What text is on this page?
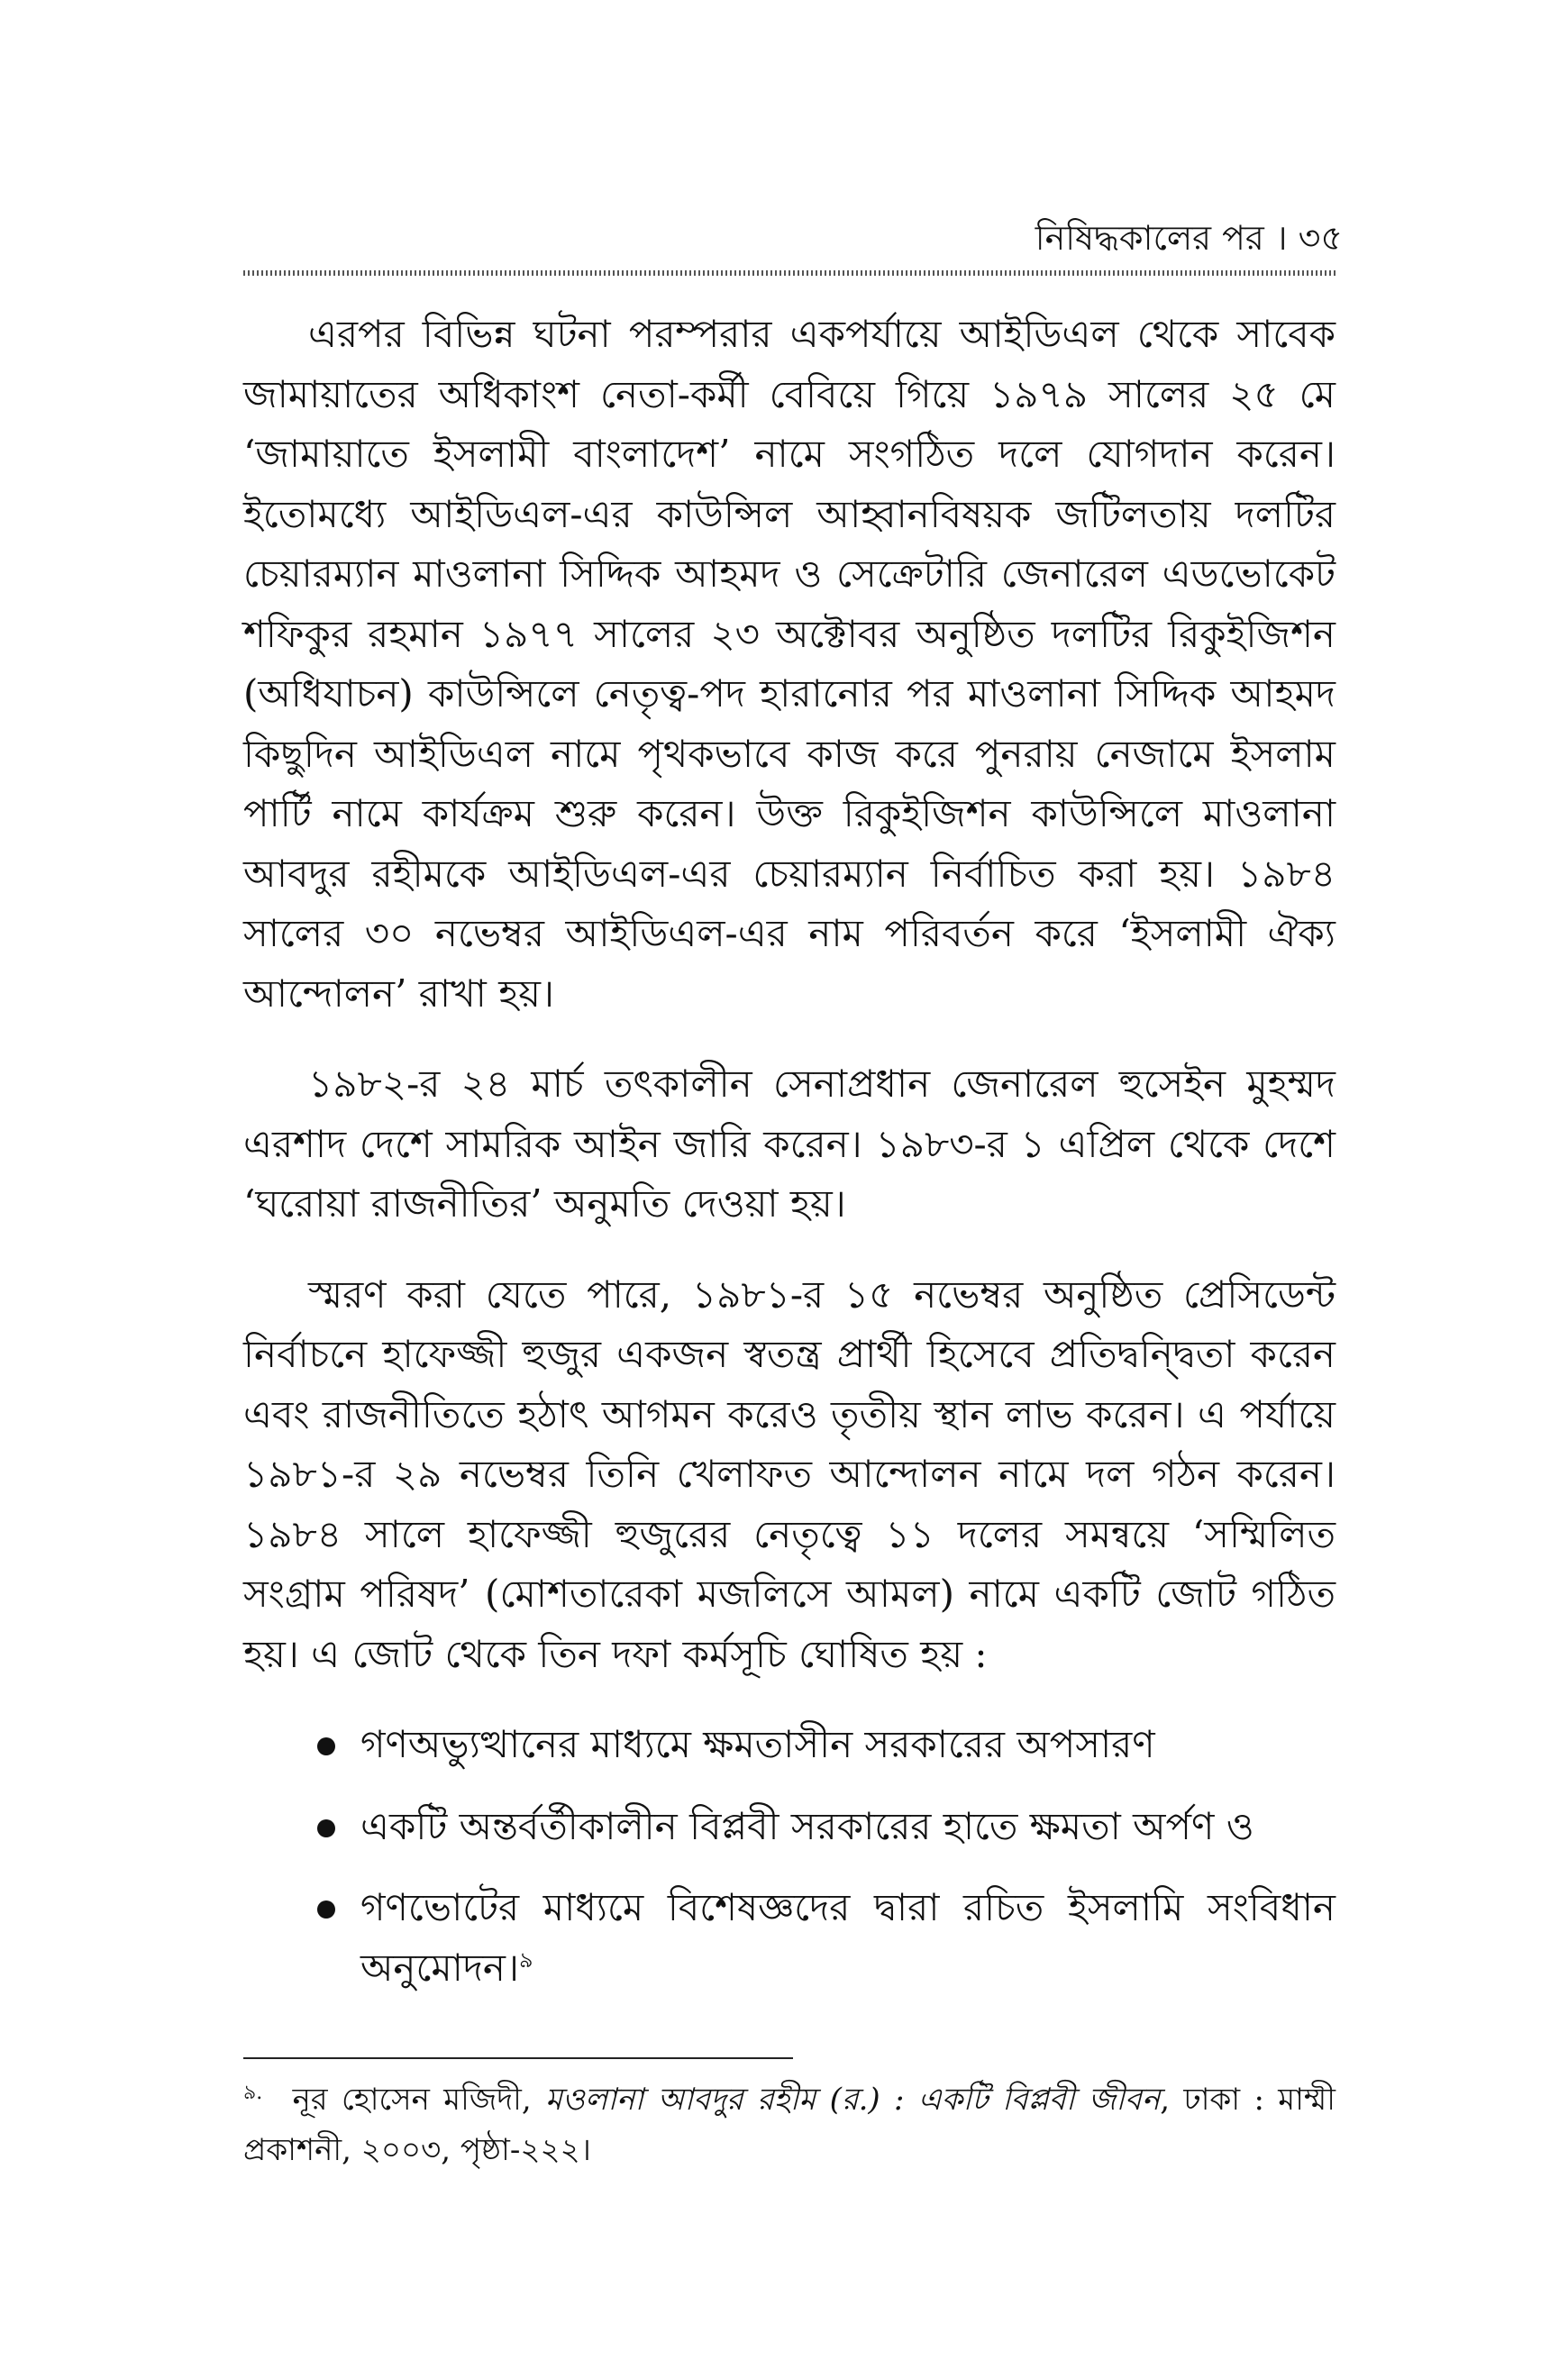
নিষিদ্ধকালের পর । ৩৫

এরপর বিভিন্ন ঘটনা পরম্পরার একপর্যায়ে আইডিএল থেকে সাবেক জামায়াতের অধিকাংশ নেতা-কর্মী বেবিয়ে গিয়ে ১৯৭৯ সালের ২৫ মে ‘জামায়াতে ইসলামী বাংলাদেশ’ নামে সংগঠিত দলে যোগদান করেন। ইতোমধ্যে আইডিএল-এর কাউন্সিল আহ্বানবিষয়ক জটিলতায় দলটির চেয়ারম্যান মাওলানা সিদ্দিক আহমদ ও সেক্রেটারি জেনারেল এডভোকেট শফিকুর রহমান ১৯৭৭ সালের ২৩ অক্টোবর অনুষ্ঠিত দলটির রিকুইজিশন (অধিযাচন) কাউন্সিলে নেতৃত্ব-পদ হারানোর পর মাওলানা সিদ্দিক আহমদ কিছুদিন আইডিএল নামে পৃথকভাবে কাজ করে পুনরায় নেজামে ইসলাম পার্টি নামে কার্যক্রম শুরু করেন। উক্ত রিকুইজিশন কাউন্সিলে মাওলানা আবদুর রহীমকে আইডিএল-এর চেয়ারম্যান নির্বাচিত করা হয়। ১৯৮৪ সালের ৩০ নভেম্বর আইডিএল-এর নাম পরিবর্তন করে ‘ইসলামী ঐক্য আন্দোলন’ রাখা হয়।

১৯৮২-র ২৪ মার্চ তৎকালীন সেনাপ্রধান জেনারেল হুসেইন মুহম্মদ এরশাদ দেশে সামরিক আইন জারি করেন। ১৯৮৩-র ১ এপ্রিল থেকে দেশে ‘ঘরোয়া রাজনীতির’ অনুমতি দেওয়া হয়।

স্মরণ করা যেতে পারে, ১৯৮১-র ১৫ নভেম্বর অনুষ্ঠিত প্রেসিডেন্ট নির্বাচনে হাফেজ্জী হুজুর একজন স্বতন্ত্র প্রার্থী হিসেবে প্রতিদ্বন্দ্বিতা করেন এবং রাজনীতিতে হঠাৎ আগমন করেও তৃতীয় স্থান লাভ করেন। এ পর্যায়ে ১৯৮১-র ২৯ নভেম্বর তিনি খেলাফত আন্দোলন নামে দল গঠন করেন। ১৯৮৪ সালে হাফেজ্জী হুজুরের নেতৃত্বে ১১ দলের সমন্বয়ে ‘সম্মিলিত সংগ্রাম পরিষদ’ (মোশতারেকা মজলিসে আমল) নামে একটি জোট গঠিত হয়। এ জোট থেকে তিন দফা কর্মসূচি ঘোষিত হয় :

গণঅভ্যুত্থানের মাধ্যমে ক্ষমতাসীন সরকারের অপসারণ
একটি অন্তর্বর্তীকালীন বিপ্লবী সরকারের হাতে ক্ষমতা অর্পণ ও
গণভোটের মাধ্যমে বিশেষজ্ঞদের দ্বারা রচিত ইসলামি সংবিধান অনুমোদন।$^৯$
$^{৯.}$ নূর হোসেন মজিদী, মওলানা আবদুর রহীম (র.) : একটি বিপ্লবী জীবন, ঢাকা : মাম্মী প্রকাশনী, ২০০৩, পৃষ্ঠা-২২২।
